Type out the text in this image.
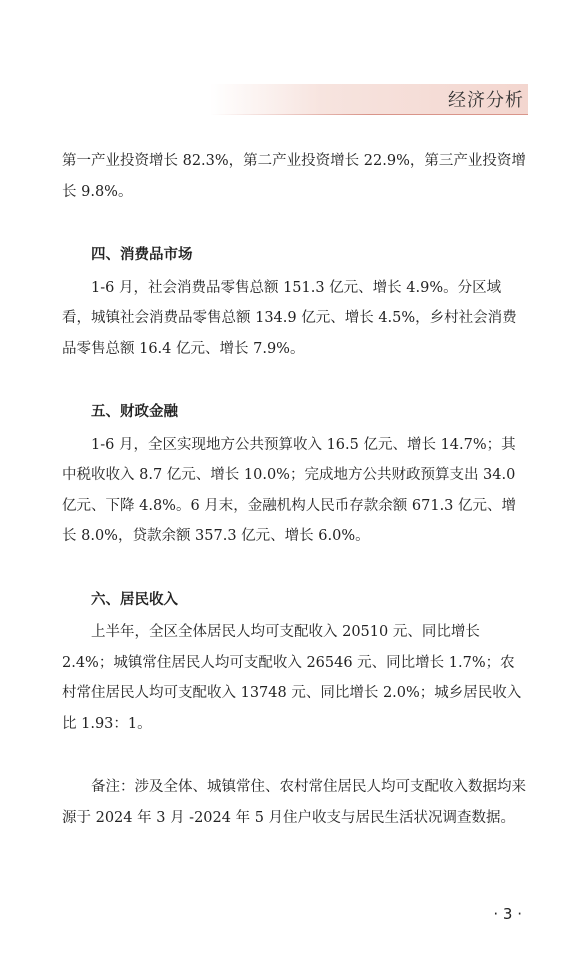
经济分析

第一产业投资增长 82.3%，第二产业投资增长 22.9%，第三产业投资增长 9.8%。

四、消费品市场

1-6 月，社会消费品零售总额 151.3 亿元、增长 4.9%。分区域看，城镇社会消费品零售总额 134.9 亿元、增长 4.5%，乡村社会消费品零售总额 16.4 亿元、增长 7.9%。

五、财政金融

1-6 月，全区实现地方公共预算收入 16.5 亿元、增长 14.7%；其中税收收入 8.7 亿元、增长 10.0%；完成地方公共财政预算支出 34.0 亿元、下降 4.8%。6 月末，金融机构人民币存款余额 671.3 亿元、增长 8.0%，贷款余额 357.3 亿元、增长 6.0%。

六、居民收入

上半年，全区全体居民人均可支配收入 20510 元、同比增长 2.4%；城镇常住居民人均可支配收入 26546 元、同比增长 1.7%；农村常住居民人均可支配收入 13748 元、同比增长 2.0%；城乡居民收入比 1.93：1。

备注：涉及全体、城镇常住、农村常住居民人均可支配收入数据均来源于 2024 年 3 月 -2024 年 5 月住户收支与居民生活状况调查数据。

· 3 ·
